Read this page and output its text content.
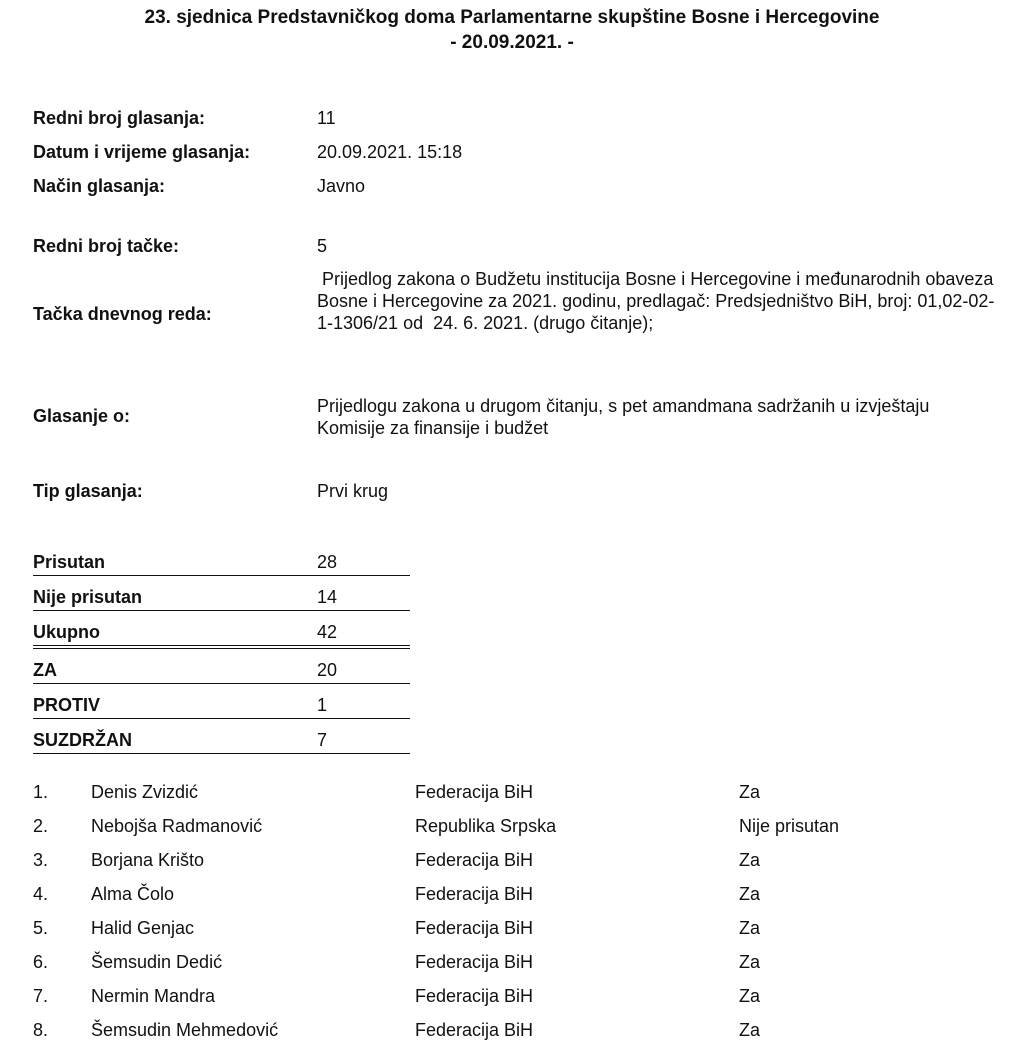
23. sjednica Predstavničkog doma Parlamentarne skupštine Bosne i Hercegovine
- 20.09.2021. -
Redni broj glasanja:	11
Datum i vrijeme glasanja:	20.09.2021. 15:18
Način glasanja:	Javno
Redni broj tačke:	5
Tačka dnevnog reda:
Prijedlog zakona o Budžetu institucija Bosne i Hercegovine i međunarodnih obaveza Bosne i Hercegovine za 2021. godinu, predlagač: Predsjedništvo BiH, broj: 01,02-02-1-1306/21 od  24. 6. 2021. (drugo čitanje);
Glasanje o:	Prijedlogu zakona u drugom čitanju, s pet amandmana sadržanih u izvještaju Komisije za finansije i budžet
Tip glasanja:	Prvi krug
Prisutan	28
Nije prisutan	14
Ukupno	42
ZA	20
PROTIV	1
SUZDRŽAN	7
1.	Denis Zvizdić	Federacija BiH	Za
2.	Nebojša Radmanović	Republika Srpska	Nije prisutan
3.	Borjana Krišto	Federacija BiH	Za
4.	Alma Čolo	Federacija BiH	Za
5.	Halid Genjac	Federacija BiH	Za
6.	Šemsudin Dedić	Federacija BiH	Za
7.	Nermin Mandra	Federacija BiH	Za
8.	Šemsudin Mehmedović	Federacija BiH	Za
